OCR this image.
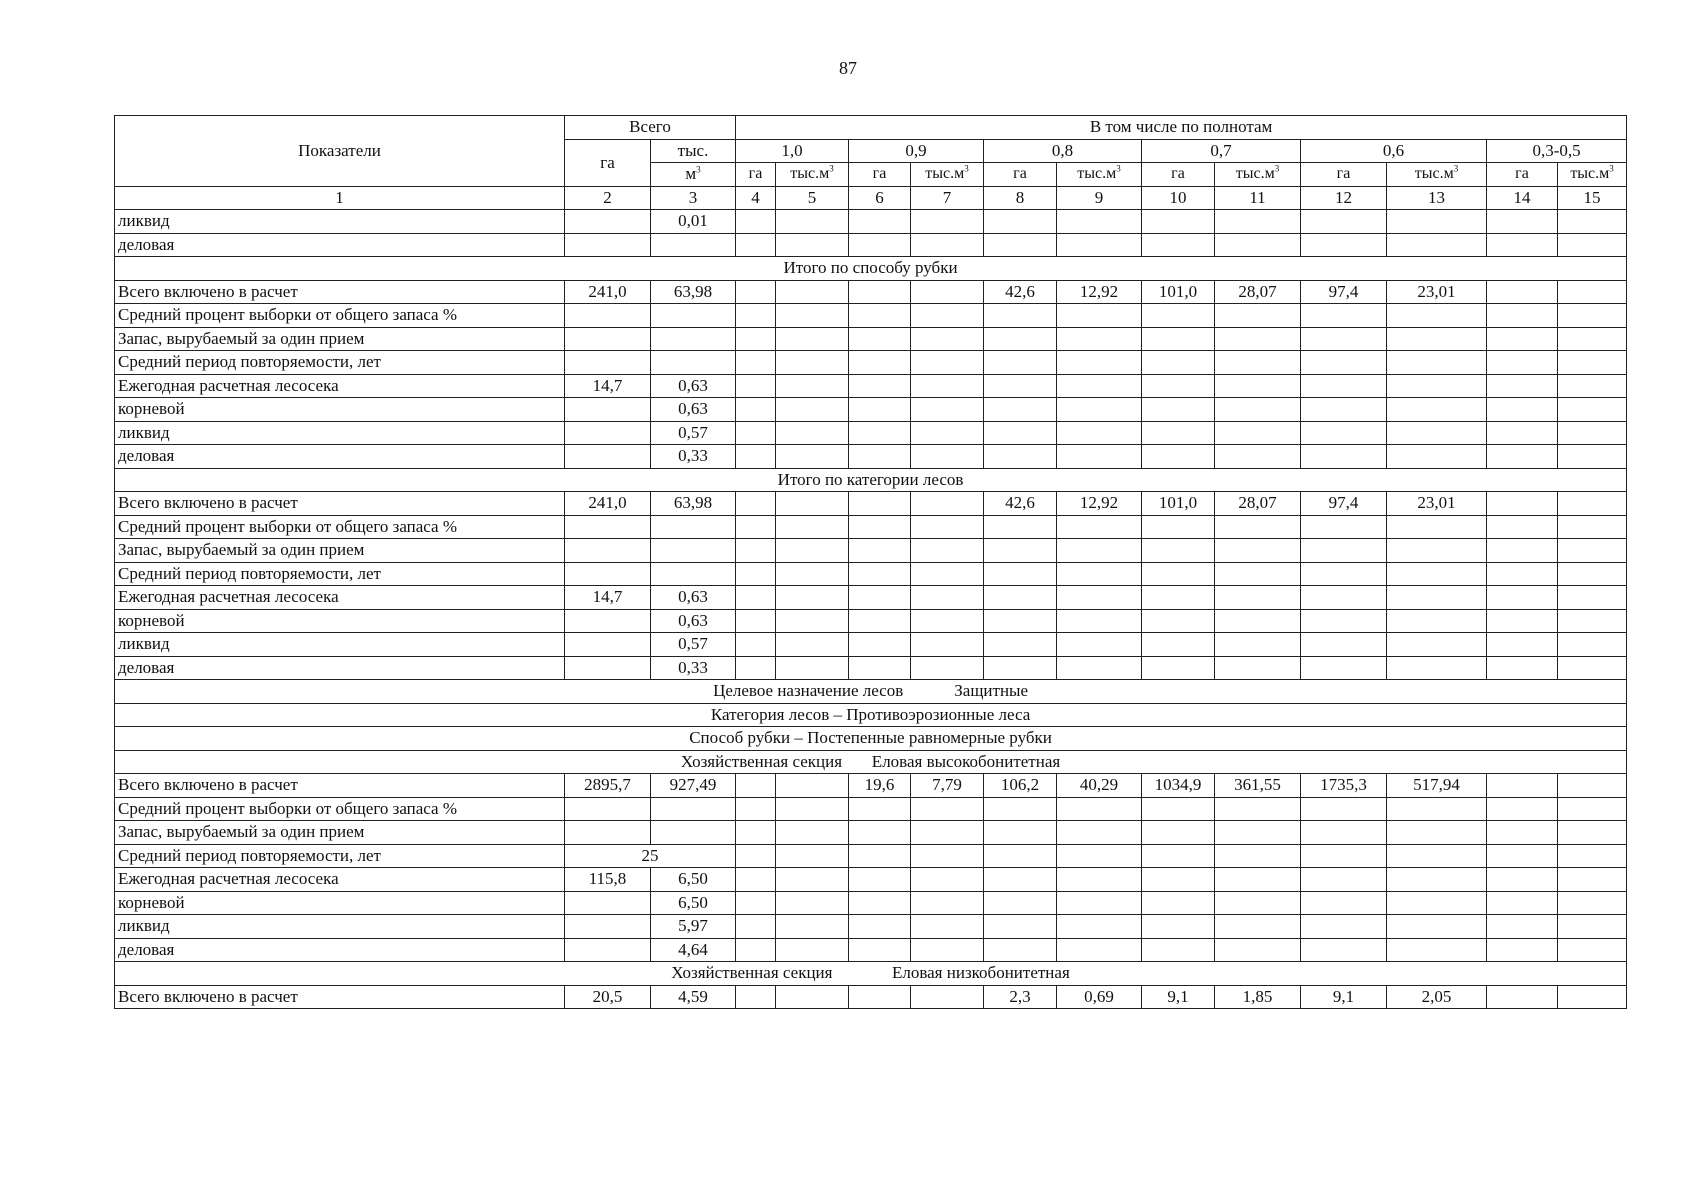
87
Показатели	Всего		В том числе по полнотам											
	га	тыс.	1,0		0,9		0,8		0,7		0,6		0,3-0,5	
		$м^3$	га	$тыс.м^3$	га	$тыс.м^3$	га	$тыс.м^3$	га	$тыс.м^3$	га	$тыс.м^3$	га	$тыс.м^3$
1	2	3	4	5	6	7	8	9	10	11	12	13	14	15
ликвид		0,01												
деловая														
Итого по способу рубки														
Всего включено в расчет	241,0	63,98					42,6	12,92	101,0	28,07	97,4	23,01		
Средний процент выборки от общего запаса %														
Запас, вырубаемый за один прием														
Средний период повторяемости, лет														
Ежегодная расчетная лесосека	14,7	0,63												
корневой		0,63												
ликвид		0,57												
деловая		0,33												
Итого по категории лесов														
Всего включено в расчет	241,0	63,98					42,6	12,92	101,0	28,07	97,4	23,01		
Средний процент выборки от общего запаса %														
Запас, вырубаемый за один прием														
Средний период повторяемости, лет														
Ежегодная расчетная лесосека	14,7	0,63												
корневой		0,63												
ликвид		0,57												
деловая		0,33												
Целевое назначение лесов            Защитные														
Категория лесов – Противоэрозионные леса														
Способ рубки – Постепенные равномерные рубки														
Хозяйственная секция       Еловая высокобонитетная														
Всего включено в расчет	2895,7	927,49			19,6	7,79	106,2	40,29	1034,9	361,55	1735,3	517,94		
Средний процент выборки от общего запаса %														
Запас, вырубаемый за один прием														
Средний период повторяемости, лет	25													
Ежегодная расчетная лесосека	115,8	6,50												
корневой		6,50												
ликвид		5,97												
деловая		4,64												
Хозяйственная секция              Еловая низкобонитетная														
Всего включено в расчет	20,5	4,59					2,3	0,69	9,1	1,85	9,1	2,05		
